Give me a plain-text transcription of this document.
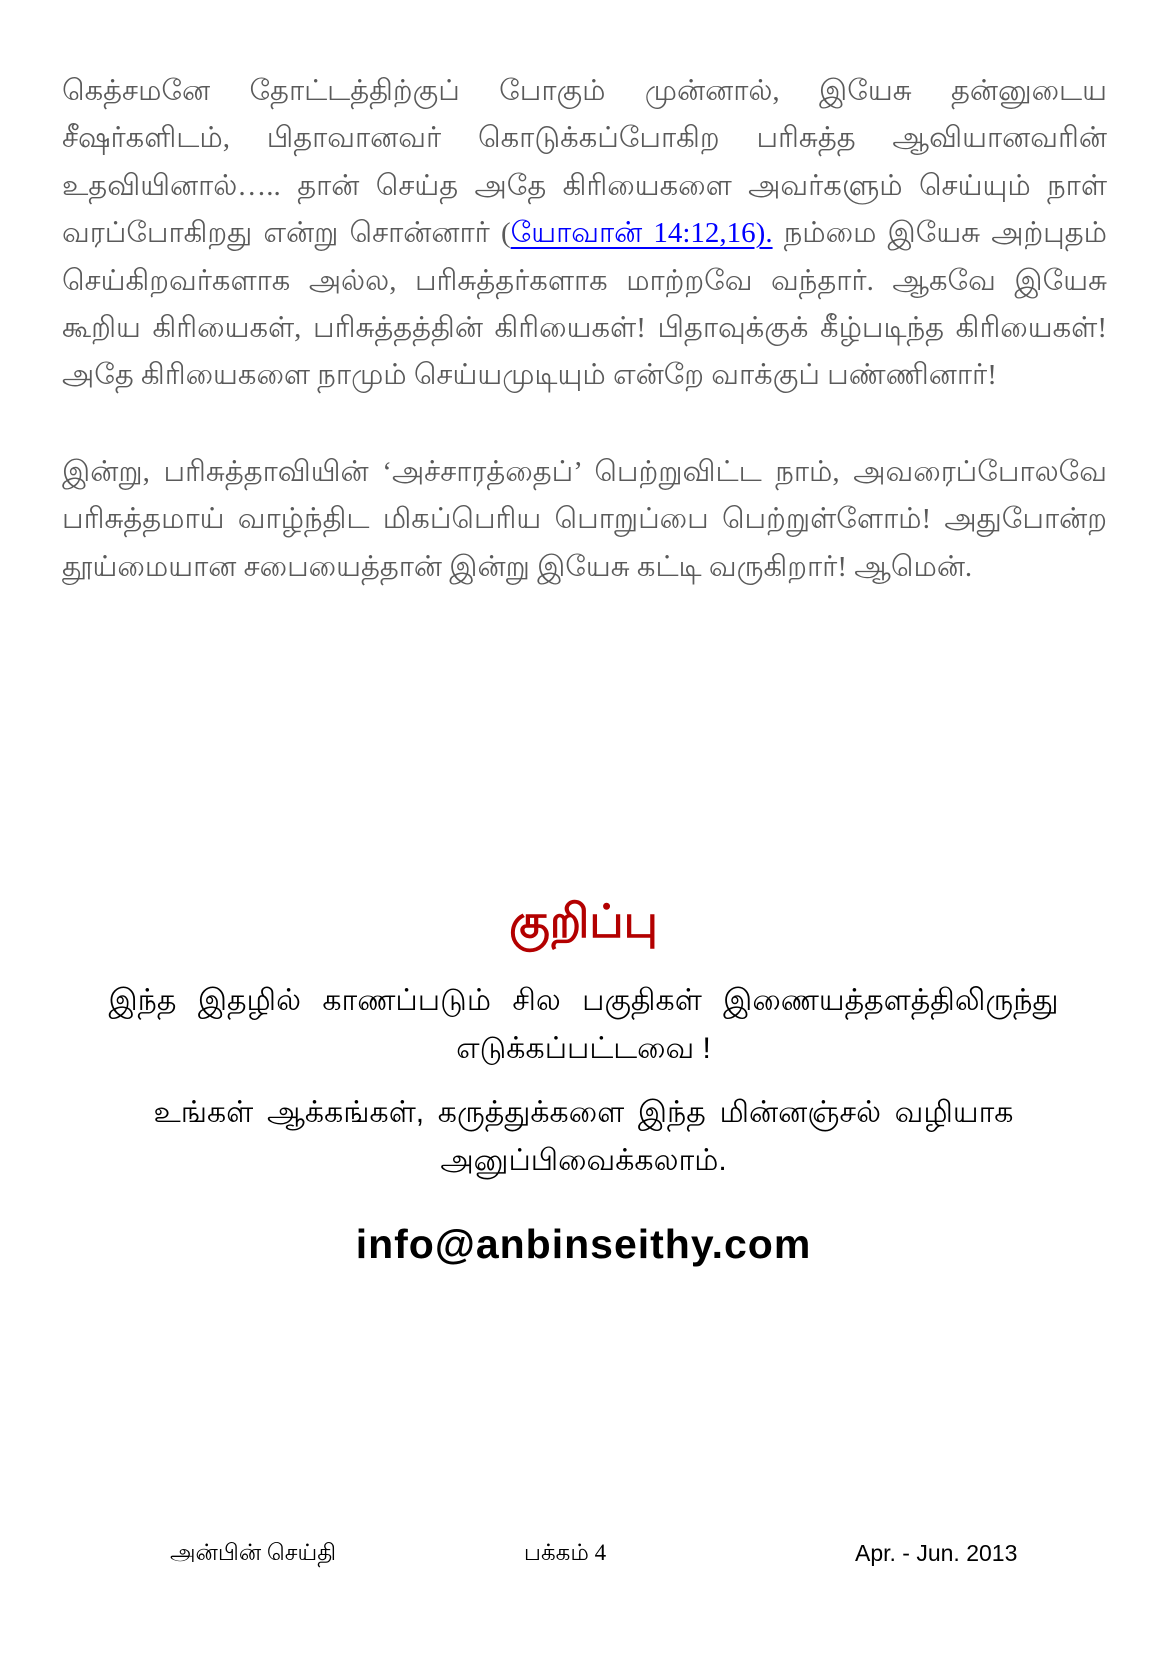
கெத்சமனே தோட்டத்திற்குப் போகும் முன்னால், இயேசு தன்னுடைய சீஷர்களிடம், பிதாவானவர் கொடுக்கப்போகிற பரிசுத்த ஆவியானவரின் உதவியினால்….. தான் செய்த அதே கிரியைகளை அவர்களும் செய்யும் நாள் வரப்போகிறது என்று சொன்னார் (யோவான் 14:12,16). நம்மை இயேசு அற்புதம் செய்கிறவர்களாக அல்ல, பரிசுத்தர்களாக மாற்றவே வந்தார். ஆகவே இயேசு கூறிய கிரியைகள், பரிசுத்தத்தின் கிரியைகள்! பிதாவுக்குக் கீழ்படிந்த கிரியைகள்! அதே கிரியைகளை நாமும் செய்யமுடியும் என்றே வாக்குப் பண்ணினார்!

இன்று, பரிசுத்தாவியின் ‘அச்சாரத்தைப்’ பெற்றுவிட்ட நாம், அவரைப்போலவே பரிசுத்தமாய் வாழ்ந்திட மிகப்பெரிய பொறுப்பை பெற்றுள்ளோம்! அதுபோன்ற தூய்மையான சபையைத்தான் இன்று இயேசு கட்டி வருகிறார்! ஆமென்.

குறிப்பு
இந்த இதழில் காணப்படும் சில பகுதிகள் இணையத்தளத்திலிருந்து
எடுக்கப்பட்டவை !
உங்கள் ஆக்கங்கள், கருத்துக்களை இந்த மின்னஞ்சல் வழியாக
அனுப்பிவைக்கலாம்.
info@anbinseithy.com
அன்பின் செய்தி	பக்கம் 4	Apr. - Jun. 2013
